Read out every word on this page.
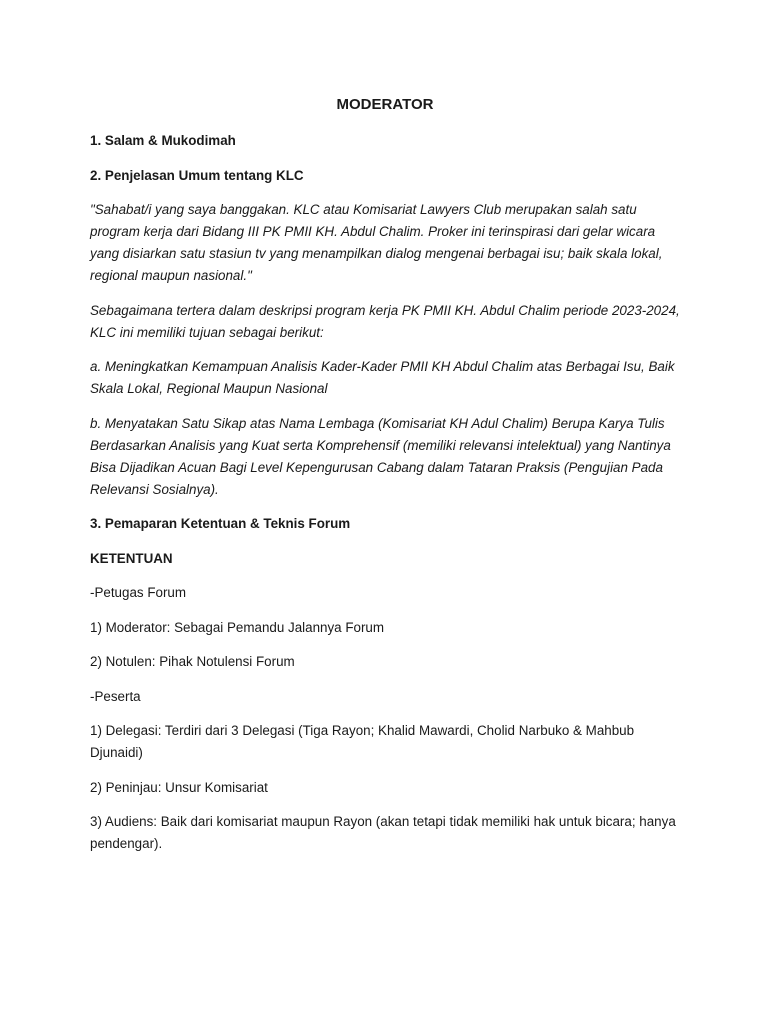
MODERATOR

1. Salam & Mukodimah

2. Penjelasan Umum tentang KLC

"Sahabat/i yang saya banggakan. KLC atau Komisariat Lawyers Club merupakan salah satu program kerja dari Bidang III PK PMII KH. Abdul Chalim. Proker ini terinspirasi dari gelar wicara yang disiarkan satu stasiun tv yang menampilkan dialog mengenai berbagai isu; baik skala lokal, regional maupun nasional."

Sebagaimana tertera dalam deskripsi program kerja PK PMII KH. Abdul Chalim periode 2023-2024, KLC ini memiliki tujuan sebagai berikut:

a. Meningkatkan Kemampuan Analisis Kader-Kader PMII KH Abdul Chalim atas Berbagai Isu, Baik Skala Lokal, Regional Maupun Nasional

b. Menyatakan Satu Sikap atas Nama Lembaga (Komisariat KH Adul Chalim) Berupa Karya Tulis Berdasarkan Analisis yang Kuat serta Komprehensif (memiliki relevansi intelektual) yang Nantinya Bisa Dijadikan Acuan Bagi Level Kepengurusan Cabang dalam Tataran Praksis (Pengujian Pada Relevansi Sosialnya).

3. Pemaparan Ketentuan & Teknis Forum

KETENTUAN

-Petugas Forum

1) Moderator: Sebagai Pemandu Jalannya Forum

2) Notulen: Pihak Notulensi Forum

-Peserta

1) Delegasi: Terdiri dari 3 Delegasi (Tiga Rayon; Khalid Mawardi, Cholid Narbuko & Mahbub Djunaidi)

2) Peninjau: Unsur Komisariat

3) Audiens: Baik dari komisariat maupun Rayon (akan tetapi tidak memiliki hak untuk bicara; hanya pendengar).
